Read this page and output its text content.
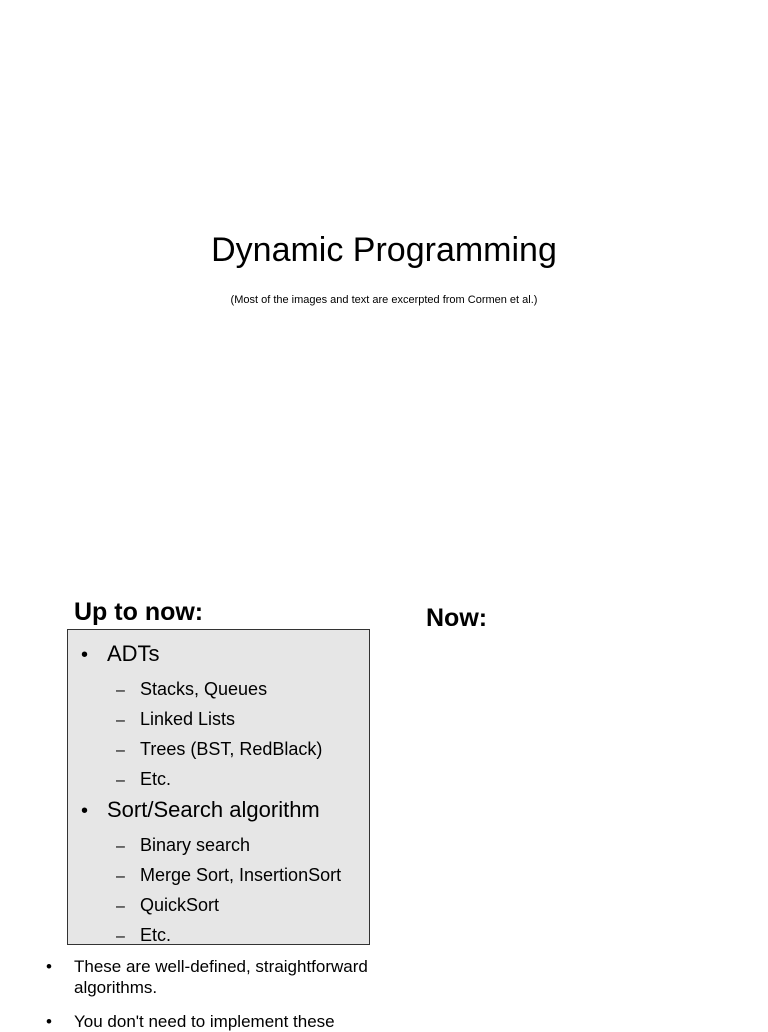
Dynamic Programming
(Most of the images and text are excerpted from Cormen et al.)
Up to now:	Now:
• ADTs
– Stacks, Queues
– Linked Lists
– Trees (BST, RedBlack)
– Etc.
• Sort/Search algorithm
– Binary search
– Merge Sort, InsertionSort
– QuickSort
– Etc.
• These are well-defined, straightforward algorithms.
• You don't need to implement these
